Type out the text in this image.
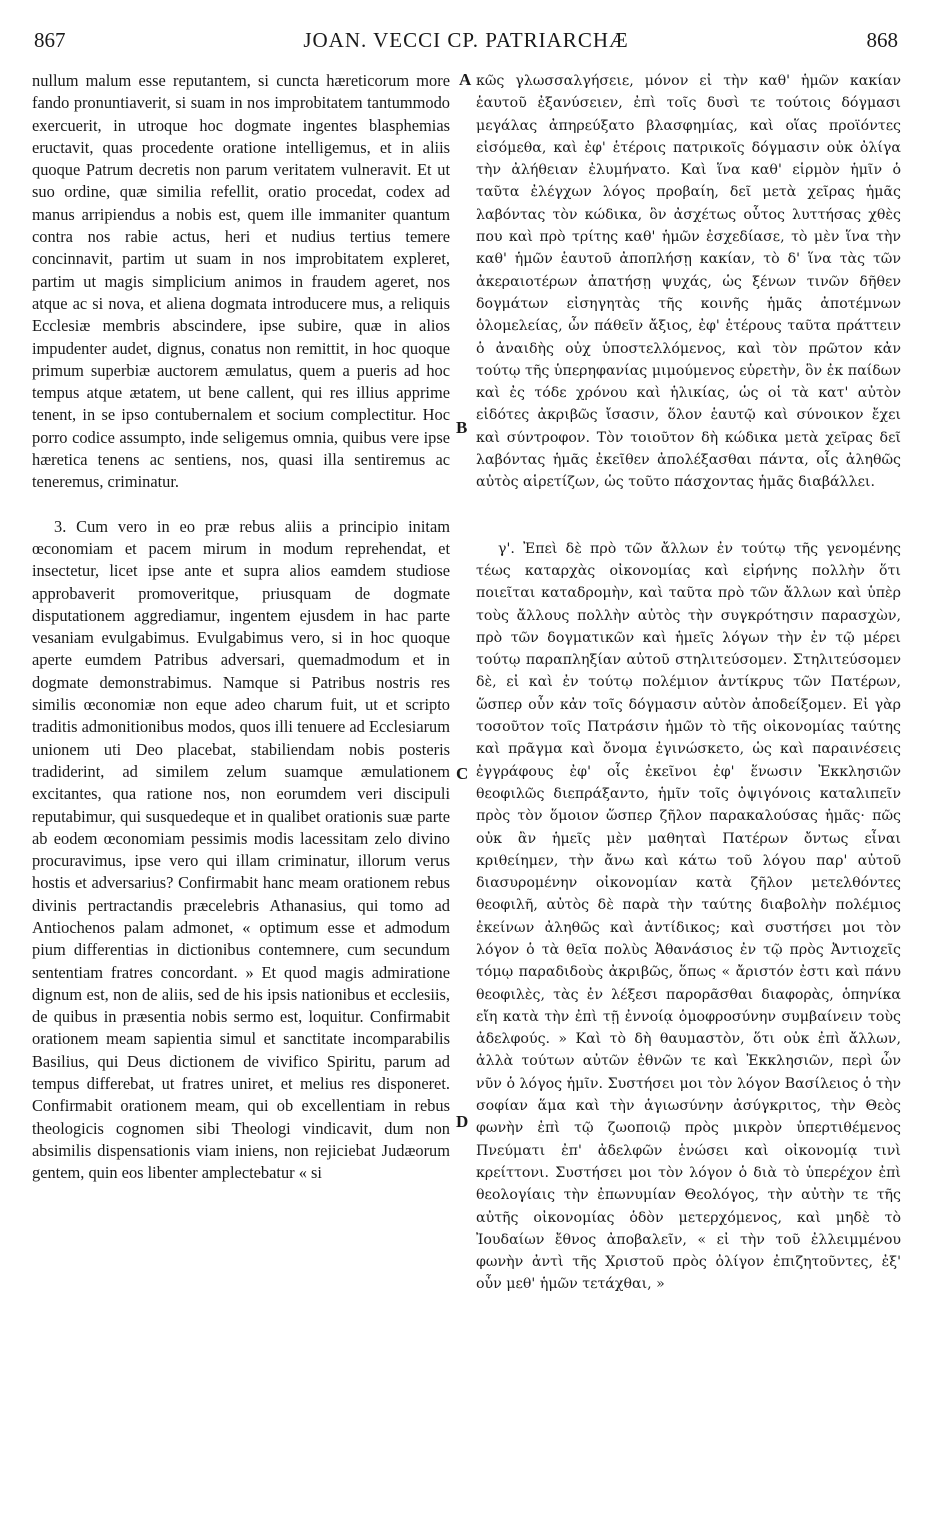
867	JOAN. VECCI CP. PATRIARCHÆ	868

nullum malum esse reputantem, si cuncta hæreticorum more fando pronuntiaverit, si suam in nos improbitatem tantummodo exercuerit, in utroque hoc dogmate ingentes blasphemias eructavit, quas procedente oratione intelligemus, et in aliis quoque Patrum decretis non parum veritatem vulneravit. Et ut suo ordine, quæ similia refellit, oratio procedat, codex ad manus arripiendus a nobis est, quem ille immaniter quantum contra nos rabie actus, heri et nudius tertius temere concinnavit, partim ut suam in nos improbitatem expleret, partim ut magis simplicium animos in fraudem ageret, nos atque ac si nova, et aliena dogmata introducere mus, a reliquis Ecclesiæ membris abscindere, ipse subire, quæ in alios impudenter audet, dignus, conatus non remittit, in hoc quoque primum superbiæ auctorem æmulatus, quem a pueris ad hoc tempus atque ætatem, ut bene callent, qui res illius apprime tenent, in se ipso contubernalem et socium complectitur. Hoc porro codice assumpto, inde seligemus omnia, quibus vere ipse hæretica tenens ac sentiens, nos, quasi illa sentiremus ac teneremus, criminatur.

3. Cum vero in eo præ rebus aliis a principio initam œconomiam et pacem mirum in modum reprehendat, et insectetur, licet ipse ante et supra alios eamdem studiose approbaverit promoveritque, priusquam de dogmate disputationem aggrediamur, ingentem ejusdem in hac parte vesaniam evulgabimus. Evulgabimus vero, si in hoc quoque aperte eumdem Patribus adversari, quemadmodum et in dogmate demonstrabimus. Namque si Patribus nostris res similis œconomiæ non eque adeo charum fuit, ut et scripto traditis admonitionibus modos, quos illi tenuere ad Ecclesiarum unionem uti Deo placebat, stabiliendam nobis posteris tradiderint, ad similem zelum suamque æmulationem excitantes, qua ratione nos, non eorumdem veri discipuli reputabimur, qui susquedeque et in qualibet orationis suæ parte ab eodem œconomiam pessimis modis lacessitam zelo divino procuravimus, ipse vero qui illam criminatur, illorum verus hostis et adversarius? Confirmabit hanc meam orationem rebus divinis pertractandis præcelebris Athanasius, qui tomo ad Antiochenos palam admonet, « optimum esse et admodum pium differentias in dictionibus contemnere, cum secundum sententiam fratres concordant. » Et quod magis admiratione dignum est, non de aliis, sed de his ipsis nationibus et ecclesiis, de quibus in præsentia nobis sermo est, loquitur. Confirmabit orationem meam sapientia simul et sanctitate incomparabilis Basilius, qui Deus dictionem de vivifico Spiritu, parum ad tempus differebat, ut fratres uniret, et melius res disponeret. Confirmabit orationem meam, qui ob excellentiam in rebus theologicis cognomen sibi Theologi vindicavit, dum non absimilis dispensationis viam iniens, non rejiciebat Judæorum gentem, quin eos libenter amplectebatur « si

A
B
C
D

κῶς γλωσσαλγήσειε, μόνον εἰ τὴν καθ' ἡμῶν κακίαν ἑαυτοῦ ἐξανύσειεν, ἐπὶ τοῖς δυσὶ τε τούτοις δόγμασι μεγάλας ἀπηρεύξατο βλασφημίας, καὶ οἵας προϊόντες εἰσόμεθα, καὶ ἐφ' ἑτέροις πατρικοῖς δόγμασιν οὐκ ὀλίγα τὴν ἀλήθειαν ἐλυμήνατο. Καὶ ἵνα καθ' εἱρμὸν ἡμῖν ὁ ταῦτα ἐλέγχων λόγος προβαίη, δεῖ μετὰ χεῖρας ἡμᾶς λαβόντας τὸν κώδικα, ὃν ἀσχέτως οὗτος λυττήσας χθὲς που καὶ πρὸ τρίτης καθ' ἡμῶν ἐσχεδίασε, τὸ μὲν ἵνα τὴν καθ' ἡμῶν ἑαυτοῦ ἀποπλήσῃ κακίαν, τὸ δ' ἵνα τὰς τῶν ἀκεραιοτέρων ἀπατήσῃ ψυχάς, ὡς ξένων τινῶν δῆθεν δογμάτων εἰσηγητὰς τῆς κοινῆς ἡμᾶς ἀποτέμνων ὁλομελείας, ὧν πάθεῖν ἄξιος, ἐφ' ἑτέρους ταῦτα πράττειν ὁ ἀναιδὴς οὐχ ὑποστελλόμενος, καὶ τὸν πρῶτον κἀν τούτῳ τῆς ὑπερηφανίας μιμούμενος εὑρετὴν, ὃν ἐκ παίδων καὶ ἐς τόδε χρόνου καὶ ἡλικίας, ὡς οἱ τὰ κατ' αὐτὸν εἰδότες ἀκριβῶς ἴσασιν, ὅλον ἑαυτῷ καὶ σύνοικον ἔχει καὶ σύντροφον. Τὸν τοιοῦτον δὴ κώδικα μετὰ χεῖρας δεῖ λαβόντας ἡμᾶς ἐκεῖθεν ἀπολέξασθαι πάντα, οἷς ἀληθῶς αὐτὸς αἱρετίζων, ὡς τοῦτο πάσχοντας ἡμᾶς διαβάλλει.

γ'. Ἐπεὶ δὲ πρὸ τῶν ἄλλων ἐν τούτῳ τῆς γενομένης τέως καταρχὰς οἰκονομίας καὶ εἰρήνης πολλὴν ὅτι ποιεῖται καταδρομὴν, καὶ ταῦτα πρὸ τῶν ἄλλων καὶ ὑπὲρ τοὺς ἄλλους πολλὴν αὐτὸς τὴν συγκρότησιν παρασχὼν, πρὸ τῶν δογματικῶν καὶ ἡμεῖς λόγων τὴν ἐν τῷ μέρει τούτῳ παραπληξίαν αὐτοῦ στηλιτεύσομεν. Στηλιτεύσομεν δὲ, εἰ καὶ ἐν τούτῳ πολέμιον ἀντίκρυς τῶν Πατέρων, ὥσπερ οὖν κἀν τοῖς δόγμασιν αὐτὸν ἀποδείξομεν. Εἰ γὰρ τοσοῦτον τοῖς Πατράσιν ἡμῶν τὸ τῆς οἰκονομίας ταύτης καὶ πρᾶγμα καὶ ὄνομα ἐγινώσκετο, ὡς καὶ παραινέσεις ἐγγράφους ἐφ' οἷς ἐκεῖνοι ἐφ' ἕνωσιν Ἐκκλησιῶν θεοφιλῶς διεπράξαντο, ἡμῖν τοῖς ὀψιγόνοις καταλιπεῖν πρὸς τὸν ὅμοιον ὥσπερ ζῆλον παρακαλούσας ἡμᾶς· πῶς οὐκ ἂν ἡμεῖς μὲν μαθηταὶ Πατέρων ὄντως εἶναι κριθείημεν, τὴν ἄνω καὶ κάτω τοῦ λόγου παρ' αὐτοῦ διασυρομένην οἰκονομίαν κατὰ ζῆλον μετελθόντες θεοφιλῆ, αὐτὸς δὲ παρὰ τὴν ταύτης διαβολὴν πολέμιος ἐκείνων ἀληθῶς καὶ ἀντίδικος; καὶ συστήσει μοι τὸν λόγον ὁ τὰ θεῖα πολὺς Ἀθανάσιος ἐν τῷ πρὸς Ἀντιοχεῖς τόμῳ παραδιδοὺς ἀκριβῶς, ὅπως « ἄριστόν ἐστι καὶ πάνυ θεοφιλὲς, τὰς ἐν λέξεσι παρορᾶσθαι διαφορὰς, ὁπηνίκα εἴη κατὰ τὴν ἐπὶ τῇ ἐννοίᾳ ὁμοφροσύνην συμβαίνειν τοὺς ἀδελφούς. » Καὶ τὸ δὴ θαυμαστὸν, ὅτι οὐκ ἐπὶ ἄλλων, ἀλλὰ τούτων αὐτῶν ἐθνῶν τε καὶ Ἐκκλησιῶν, περὶ ὧν νῦν ὁ λόγος ἡμῖν. Συστήσει μοι τὸν λόγον Βασίλειος ὁ τὴν σοφίαν ἅμα καὶ τὴν ἁγιωσύνην ἀσύγκριτος, τὴν Θεὸς φωνὴν ἐπὶ τῷ ζωοποιῷ πρὸς μικρὸν ὑπερτιθέμενος Πνεύματι ἐπ' ἀδελφῶν ἑνώσει καὶ οἰκονομίᾳ τινὶ κρείττονι. Συστήσει μοι τὸν λόγον ὁ διὰ τὸ ὑπερέχον ἐπὶ θεολογίαις τὴν ἐπωνυμίαν Θεολόγος, τὴν αὐτὴν τε τῆς αὐτῆς οἰκονομίας ὁδὸν μετερχόμενος, καὶ μηδὲ τὸ Ἰουδαίων ἔθνος ἀποβαλεῖν, « εἰ τὴν τοῦ ἐλλειμμένου φωνὴν ἀντὶ τῆς Χριστοῦ πρὸς ὀλίγον ἐπιζητοῦντες, ἐξ' οὖν μεθ' ἡμῶν τετάχθαι, »
